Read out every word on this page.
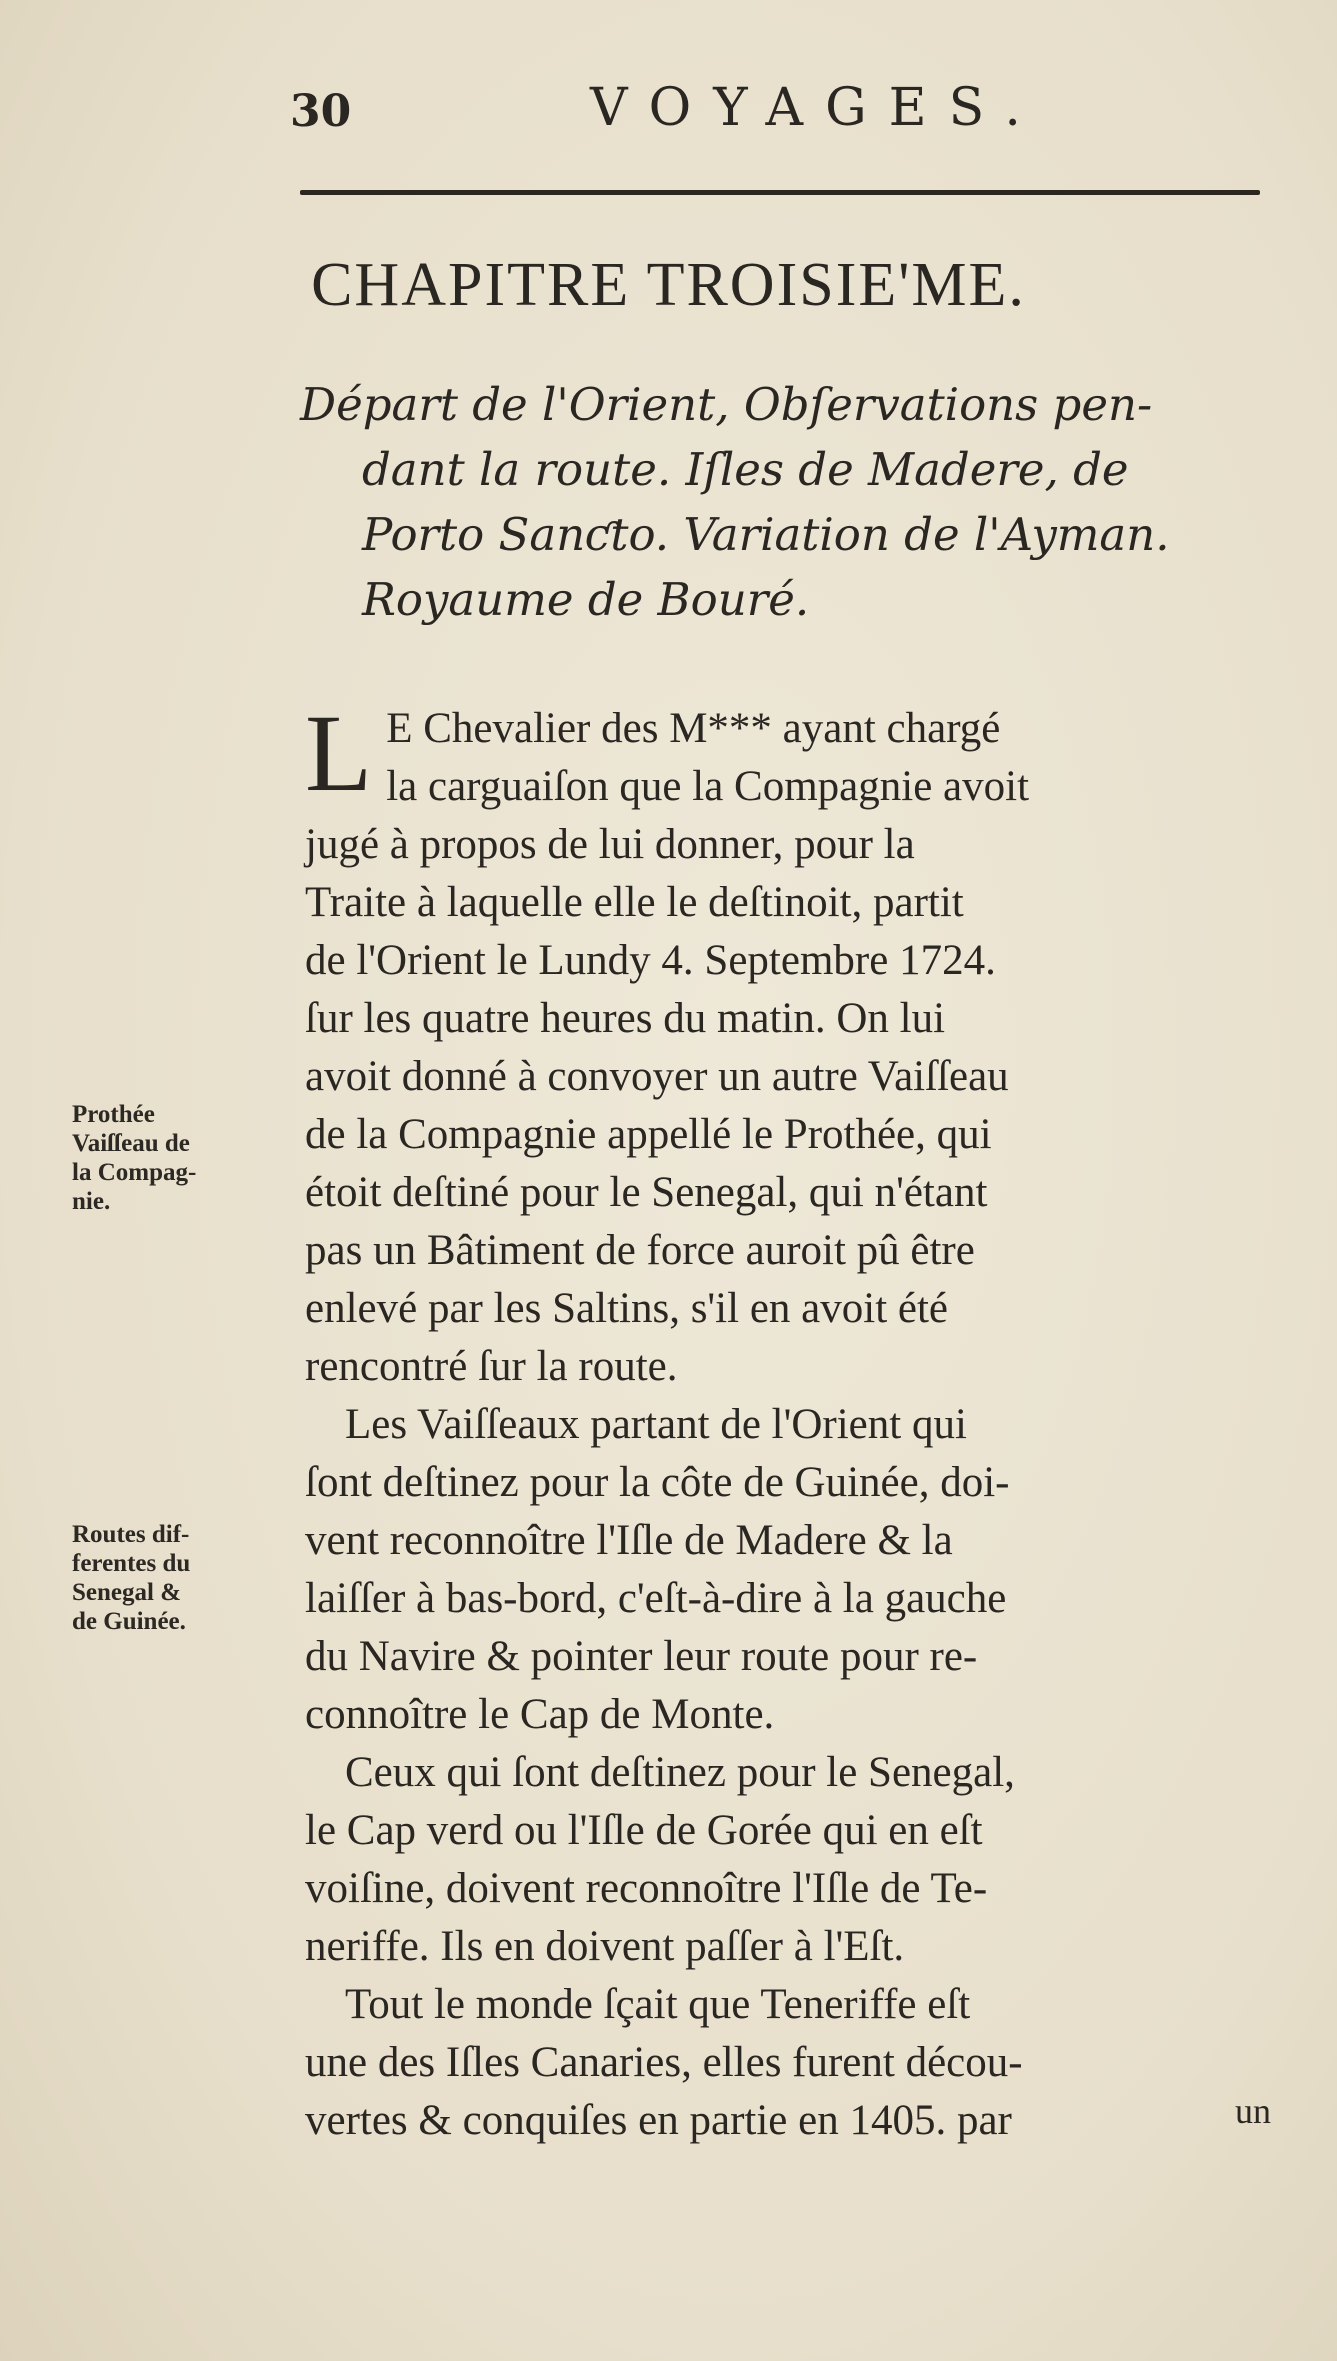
30	VOYAGES.
CHAPITRE TROISIE'ME.
Départ de l'Orient, Obſervations pen-
dant la route. Iſles de Madere, de
Porto Sanƈto. Variation de l'Ayman.
Royaume de Bouré.
L E Chevalier des M*** ayant chargé
la carguaiſon que la Compagnie avoit
jugé à propos de lui donner, pour la
Traite à laquelle elle le deſtinoit, partit
de l'Orient le Lundy 4. Septembre 1724.
ſur les quatre heures du matin. On lui
avoit donné à convoyer un autre Vaiſſeau
de la Compagnie appellé le Prothée, qui
étoit deſtiné pour le Senegal, qui n'étant
pas un Bâtiment de force auroit pû être
enlevé par les Saltins, s'il en avoit été
rencontré ſur la route.
Les Vaiſſeaux partant de l'Orient qui
ſont deſtinez pour la côte de Guinée, doi-
vent reconnoître l'Iſle de Madere & la
laiſſer à bas-bord, c'eſt-à-dire à la gauche
du Navire & pointer leur route pour re-
connoître le Cap de Monte.
Ceux qui ſont deſtinez pour le Senegal,
le Cap verd ou l'Iſle de Gorée qui en eſt
voiſine, doivent reconnoître l'Iſle de Te-
neriffe. Ils en doivent paſſer à l'Eſt.
Tout le monde ſçait que Teneriffe eſt
une des Iſles Canaries, elles furent décou-
vertes & conquiſes en partie en 1405. par
Prothée
Vaiſſeau de
la Compag-
nie.
Routes dif-
ferentes du
Senegal &
de Guinée.
un
